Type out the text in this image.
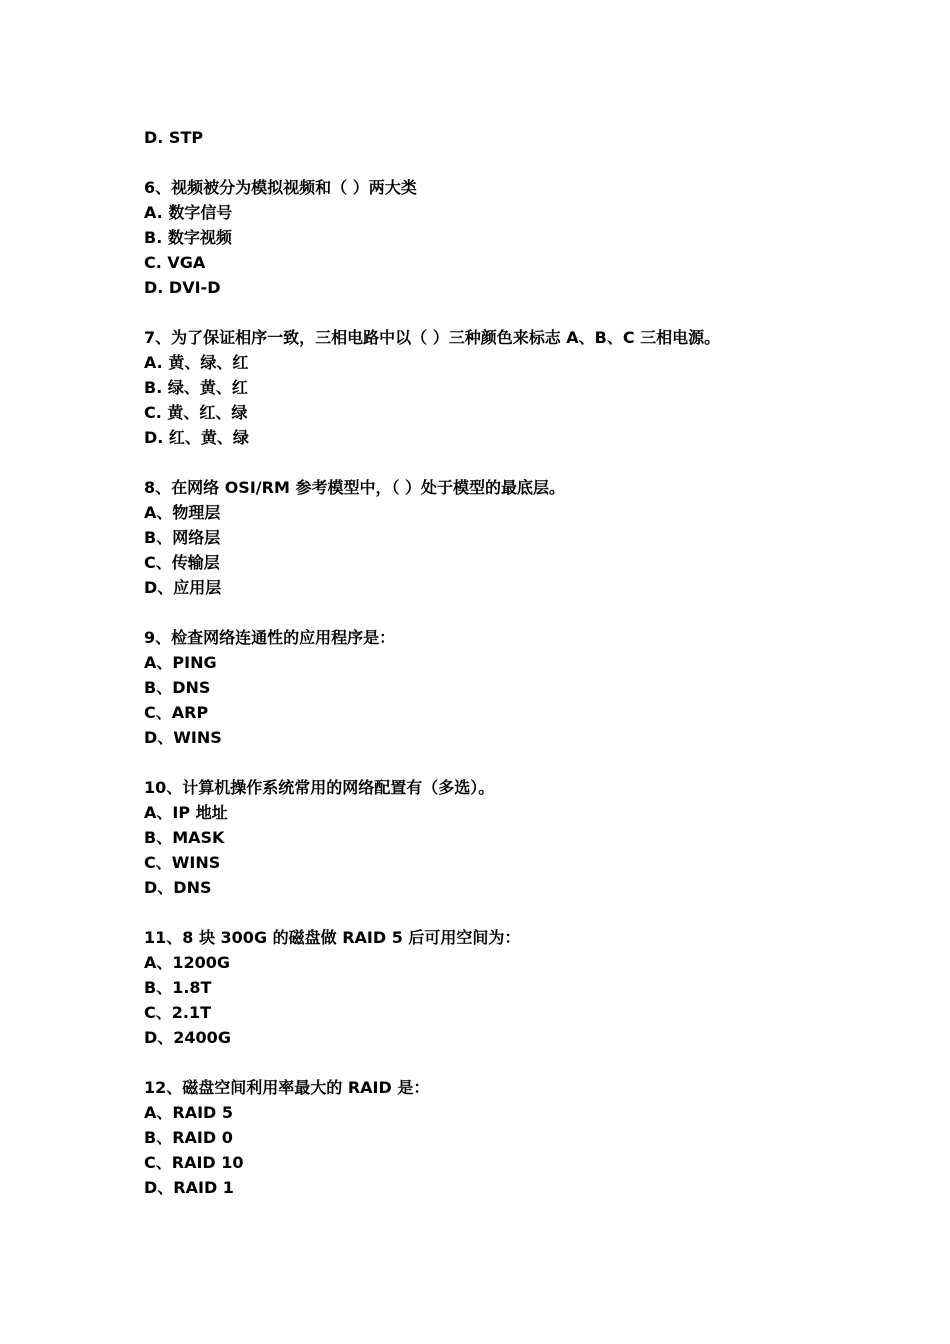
D. STP
6、视频被分为模拟视频和（ ）两大类
A. 数字信号
B. 数字视频
C. VGA
D. DVI-D
7、为了保证相序一致，三相电路中以（ ）三种颜色来标志 A、B、C 三相电源。
A. 黄、绿、红
B. 绿、黄、红
C. 黄、红、绿
D. 红、黄、绿
8、在网络 OSI/RM 参考模型中，（ ）处于模型的最底层。
A、物理层
B、网络层
C、传输层
D、应用层
9、检查网络连通性的应用程序是：
A、PING
B、DNS
C、ARP
D、WINS
10、计算机操作系统常用的网络配置有（多选）。
A、IP 地址
B、MASK
C、WINS
D、DNS
11、8 块 300G 的磁盘做 RAID 5 后可用空间为：
A、1200G
B、1.8T
C、2.1T
D、2400G
12、磁盘空间利用率最大的 RAID 是：
A、RAID 5
B、RAID 0
C、RAID 10
D、RAID 1
